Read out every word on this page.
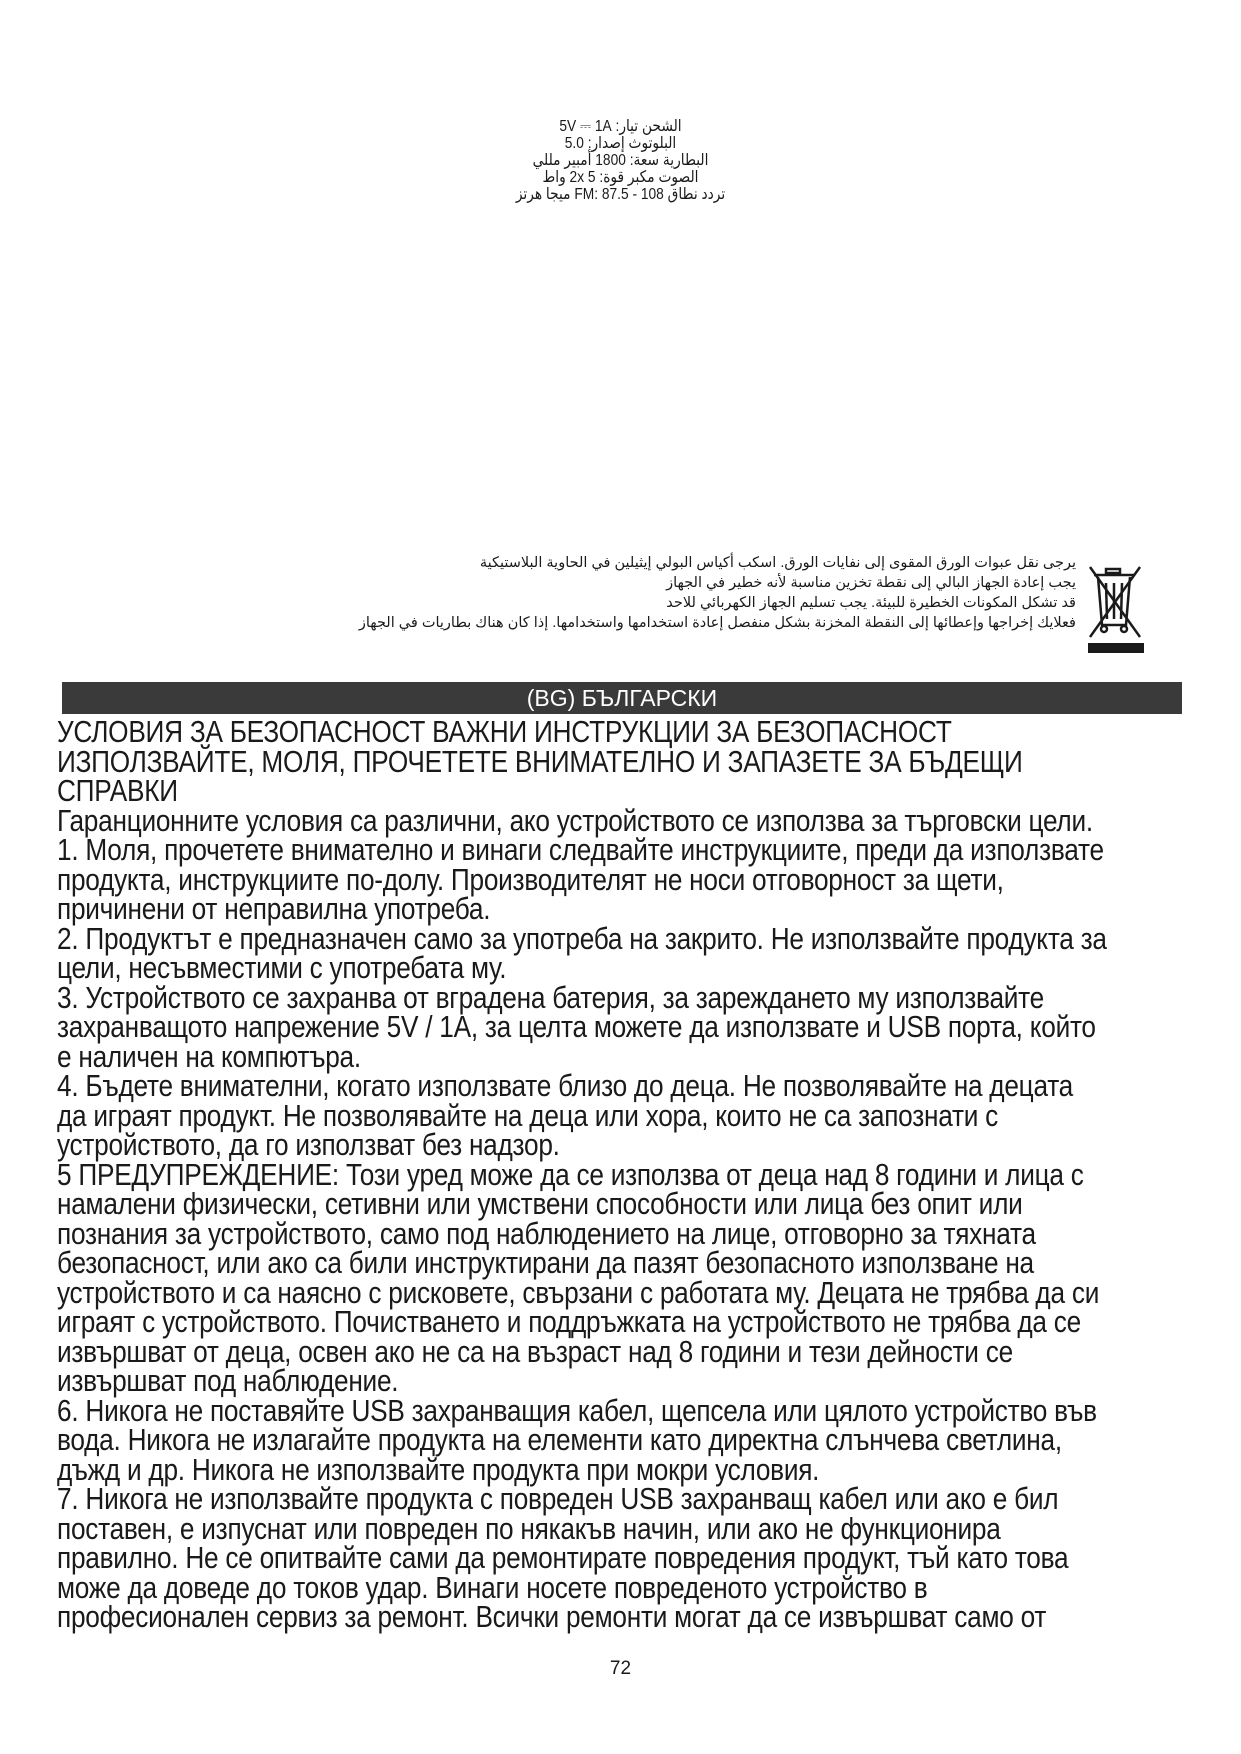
الشحن تيار: 5V ⎓ 1A
البلوتوث إصدار: 5.0
البطارية سعة: 1800 أمبير مللي
الصوت مكبر قوة: 2x 5 واط
تردد نطاق FM: 87.5 - 108 ميجا هرتز
يرجى نقل عبوات الورق المقوى إلى نفايات الورق. اسكب أكياس البولي إيثيلين في الحاوية البلاستيكية
يجب إعادة الجهاز البالي إلى نقطة تخزين مناسبة لأنه خطير في الجهاز
قد تشكل المكونات الخطيرة للبيئة. يجب تسليم الجهاز الكهربائي للاحد
فعلايك إخراجها وإعطائها إلى النقطة المخزنة بشكل منفصل إعادة استخدامها واستخدامها. إذا كان هناك بطاريات في الجهاز
(BG) БЪЛГАРСКИ
УСЛОВИЯ ЗА БЕЗОПАСНОСТ ВАЖНИ ИНСТРУКЦИИ ЗА БЕЗОПАСНОСТ
ИЗПОЛЗВАЙТЕ, МОЛЯ, ПРОЧЕТЕТЕ ВНИМАТЕЛНО И ЗАПАЗЕТЕ ЗА БЪДЕЩИ
СПРАВКИ
Гаранционните условия са различни, ако устройството се използва за търговски цели.
1. Моля, прочетете внимателно и винаги следвайте инструкциите, преди да използвате
продукта, инструкциите по-долу. Производителят не носи отговорност за щети,
причинени от неправилна употреба.
2. Продуктът е предназначен само за употреба на закрито. Не използвайте продукта за
цели, несъвместими с употребата му.
3. Устройството се захранва от вградена батерия, за зареждането му използвайте
захранващото напрежение 5V / 1A, за целта можете да използвате и USB порта, който
е наличен на компютъра.
4. Бъдете внимателни, когато използвате близо до деца. Не позволявайте на децата
да играят продукт. Не позволявайте на деца или хора, които не са запознати с
устройството, да го използват без надзор.
5 ПРЕДУПРЕЖДЕНИЕ: Този уред може да се използва от деца над 8 години и лица с
намалени физически, сетивни или умствени способности или лица без опит или
познания за устройството, само под наблюдението на лице, отговорно за тяхната
безопасност, или ако са били инструктирани да пазят безопасното използване на
устройството и са наясно с рисковете, свързани с работата му. Децата не трябва да си
играят с устройството. Почистването и поддръжката на устройството не трябва да се
извършват от деца, освен ако не са на възраст над 8 години и тези дейности се
извършват под наблюдение.
6. Никога не поставяйте USB захранващия кабел, щепсела или цялото устройство във
вода. Никога не излагайте продукта на елементи като директна слънчева светлина,
дъжд и др. Никога не използвайте продукта при мокри условия.
7. Никога не използвайте продукта с повреден USB захранващ кабел или ако е бил
поставен, е изпуснат или повреден по някакъв начин, или ако не функционира
правилно. Не се опитвайте сами да ремонтирате повредения продукт, тъй като това
може да доведе до токов удар. Винаги носете повреденото устройство в
професионален сервиз за ремонт. Всички ремонти могат да се извършват само от
72
